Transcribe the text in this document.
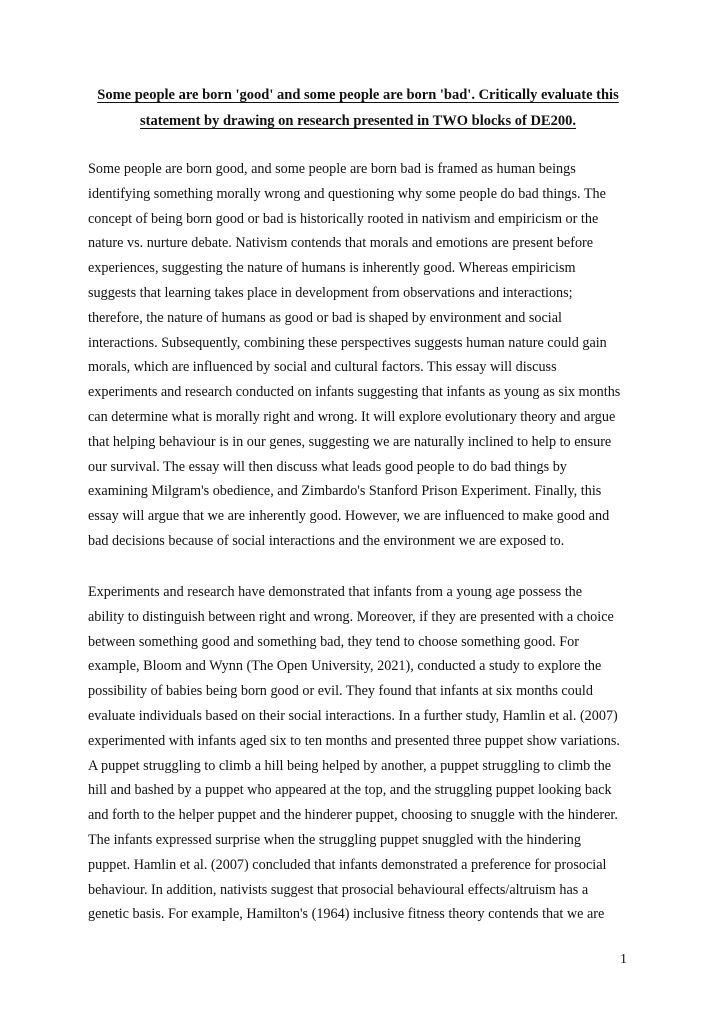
Some people are born 'good' and some people are born 'bad'. Critically evaluate this
statement by drawing on research presented in TWO blocks of DE200.
Some people are born good, and some people are born bad is framed as human beings
identifying something morally wrong and questioning why some people do bad things. The
concept of being born good or bad is historically rooted in nativism and empiricism or the
nature vs. nurture debate. Nativism contends that morals and emotions are present before
experiences, suggesting the nature of humans is inherently good. Whereas empiricism
suggests that learning takes place in development from observations and interactions;
therefore, the nature of humans as good or bad is shaped by environment and social
interactions. Subsequently, combining these perspectives suggests human nature could gain
morals, which are influenced by social and cultural factors. This essay will discuss
experiments and research conducted on infants suggesting that infants as young as six months
can determine what is morally right and wrong. It will explore evolutionary theory and argue
that helping behaviour is in our genes, suggesting we are naturally inclined to help to ensure
our survival. The essay will then discuss what leads good people to do bad things by
examining Milgram's obedience, and Zimbardo's Stanford Prison Experiment. Finally, this
essay will argue that we are inherently good. However, we are influenced to make good and
bad decisions because of social interactions and the environment we are exposed to.
Experiments and research have demonstrated that infants from a young age possess the
ability to distinguish between right and wrong. Moreover, if they are presented with a choice
between something good and something bad, they tend to choose something good. For
example, Bloom and Wynn (The Open University, 2021), conducted a study to explore the
possibility of babies being born good or evil. They found that infants at six months could
evaluate individuals based on their social interactions. In a further study, Hamlin et al. (2007)
experimented with infants aged six to ten months and presented three puppet show variations.
A puppet struggling to climb a hill being helped by another, a puppet struggling to climb the
hill and bashed by a puppet who appeared at the top, and the struggling puppet looking back
and forth to the helper puppet and the hinderer puppet, choosing to snuggle with the hinderer.
The infants expressed surprise when the struggling puppet snuggled with the hindering
puppet. Hamlin et al. (2007) concluded that infants demonstrated a preference for prosocial
behaviour. In addition, nativists suggest that prosocial behavioural effects/altruism has a
genetic basis. For example, Hamilton's (1964) inclusive fitness theory contends that we are
1
